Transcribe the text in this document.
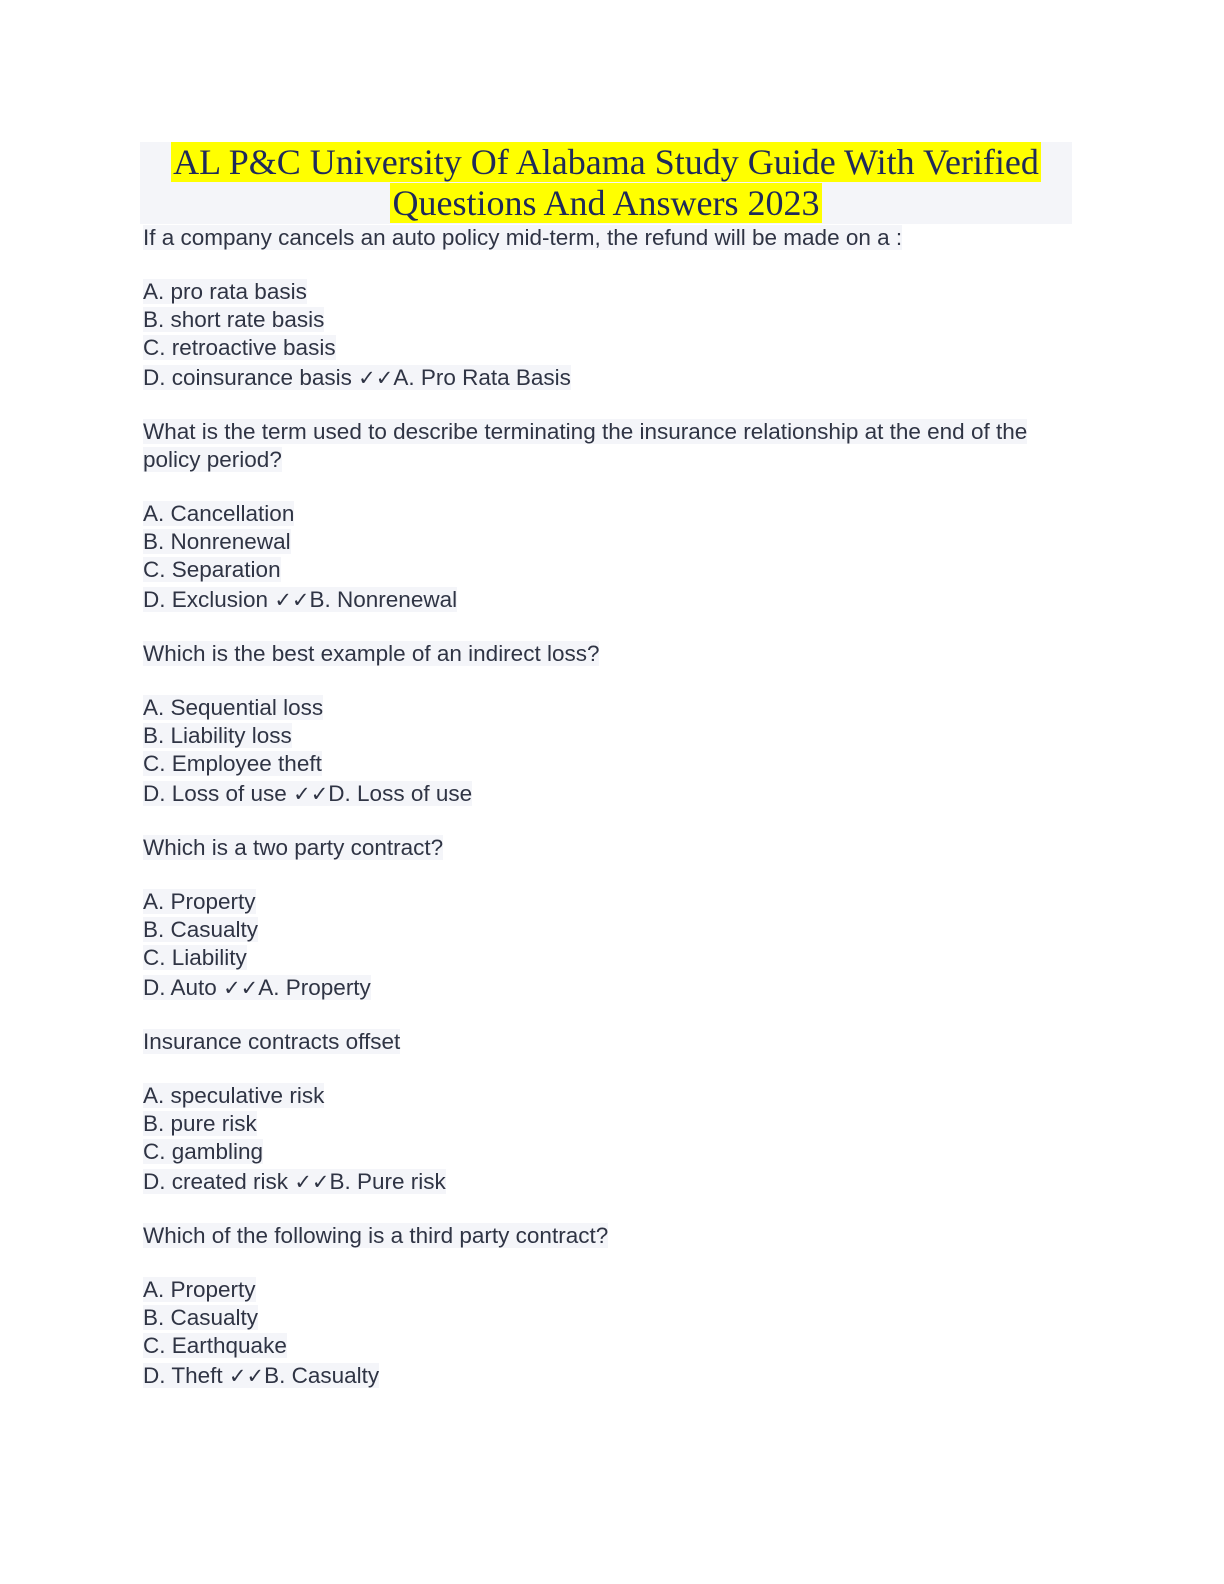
AL P&C University Of Alabama Study Guide With Verified
Questions And Answers 2023
If a company cancels an auto policy mid-term, the refund will be made on a :
A. pro rata basis
B. short rate basis
C. retroactive basis
D. coinsurance basis ✓✓A. Pro Rata Basis
What is the term used to describe terminating the insurance relationship at the end of the policy period?
A. Cancellation
B. Nonrenewal
C. Separation
D. Exclusion ✓✓B. Nonrenewal
Which is the best example of an indirect loss?
A. Sequential loss
B. Liability loss
C. Employee theft
D. Loss of use ✓✓D. Loss of use
Which is a two party contract?
A. Property
B. Casualty
C. Liability
D. Auto ✓✓A. Property
Insurance contracts offset
A. speculative risk
B. pure risk
C. gambling
D. created risk ✓✓B. Pure risk
Which of the following is a third party contract?
A. Property
B. Casualty
C. Earthquake
D. Theft ✓✓B. Casualty
